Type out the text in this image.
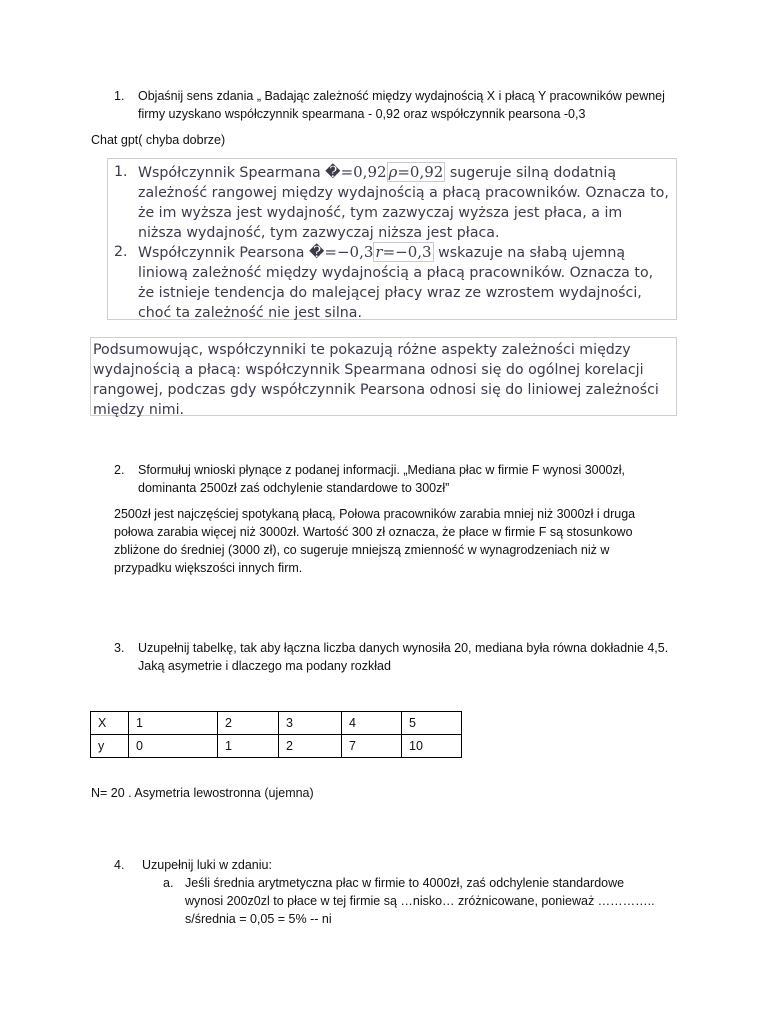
1. Objaśnij sens zdania „ Badając zależność między wydajnością X i płacą Y pracowników pewnej firmy uzyskano współczynnik spearmana - 0,92 oraz współczynnik pearsona -0,3
Chat gpt( chyba dobrze)
1. Współczynnik Spearmana �=0,92 ρ=0,92 sugeruje silną dodatnią zależność rangowej między wydajnością a płacą pracowników. Oznacza to, że im wyższa jest wydajność, tym zazwyczaj wyższa jest płaca, a im niższa wydajność, tym zazwyczaj niższa jest płaca.
2. Współczynnik Pearsona �=−0,3 r=−0,3 wskazuje na słabą ujemną liniową zależność między wydajnością a płacą pracowników. Oznacza to, że istnieje tendencja do malejącej płacy wraz ze wzrostem wydajności, choć ta zależność nie jest silna.
Podsumowując, współczynniki te pokazują różne aspekty zależności między wydajnością a płacą: współczynnik Spearmana odnosi się do ogólnej korelacji rangowej, podczas gdy współczynnik Pearsona odnosi się do liniowej zależności między nimi.
2. Sformułuj wnioski płynące z podanej informacji. „Mediana płac w firmie F wynosi 3000zł, dominanta 2500zł zaś odchylenie standardowe to 300zł”
2500zł jest najczęściej spotykaną płacą, Połowa pracowników zarabia mniej niż 3000zł i druga połowa zarabia więcej niż 3000zł. Wartość 300 zł oznacza, że płace w firmie F są stosunkowo zbliżone do średniej (3000 zł), co sugeruje mniejszą zmienność w wynagrodzeniach niż w przypadku większości innych firm.
3. Uzupełnij tabelkę, tak aby łączna liczba danych wynosiła 20, mediana była równa dokładnie 4,5. Jaką asymetrie i dlaczego ma podany rozkład
X	1	2	3	4	5
y	0	1	2	7	10
N= 20 . Asymetria lewostronna (ujemna)
4. Uzupełnij luki w zdaniu:
a. Jeśli średnia arytmetyczna płac w firmie to 4000zł, zaś odchylenie standardowe wynosi 200z0zl to płace w tej firmie są …nisko… zróżnicowane, ponieważ ………….. s/średnia = 0,05 = 5% -- ni
